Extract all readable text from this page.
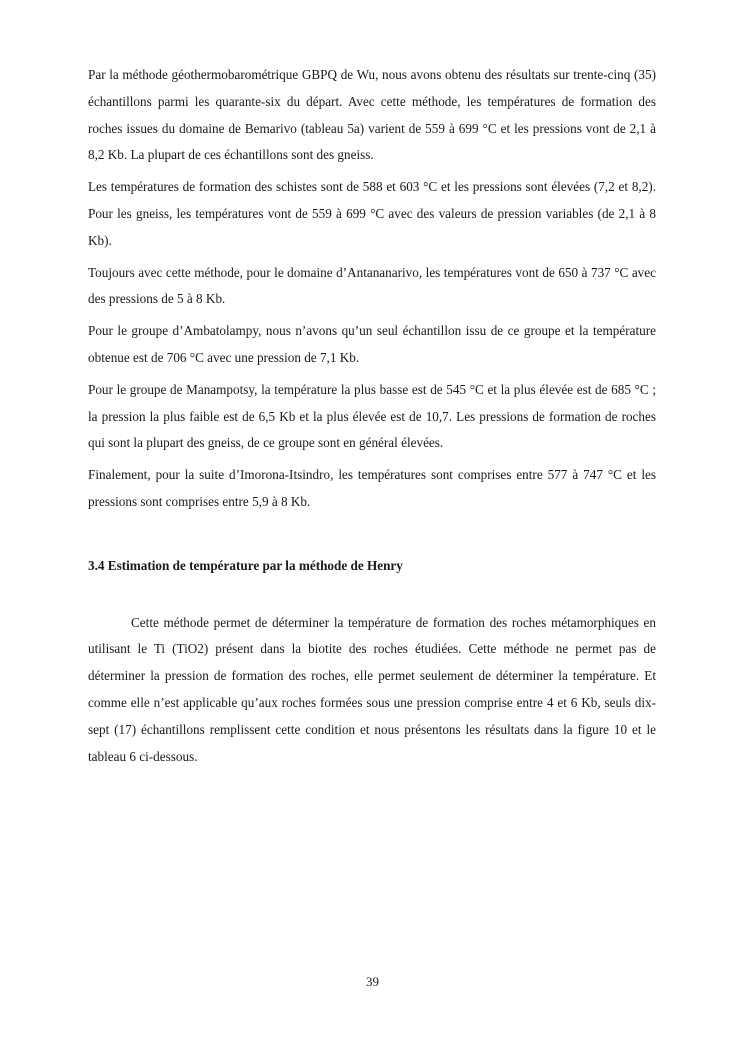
Par la méthode géothermobarométrique GBPQ de Wu, nous avons obtenu des résultats sur trente-cinq (35) échantillons parmi les quarante-six du départ. Avec cette méthode, les températures de formation des roches issues du domaine de Bemarivo (tableau 5a) varient de 559 à 699 °C et les pressions vont de 2,1 à 8,2 Kb. La plupart de ces échantillons sont des gneiss.

Les températures de formation des schistes sont de 588 et 603 °C et les pressions sont élevées (7,2 et 8,2). Pour les gneiss, les températures vont de 559 à 699 °C avec des valeurs de pression variables (de 2,1 à 8 Kb).

Toujours avec cette méthode, pour le domaine d’Antananarivo, les températures vont de 650 à 737 °C avec des pressions de 5 à 8 Kb.

Pour le groupe d’Ambatolampy, nous n’avons qu’un seul échantillon issu de ce groupe et la température obtenue est de 706 °C avec une pression de 7,1 Kb.

Pour le groupe de Manampotsy, la température la plus basse est de 545 °C et la plus élevée est de 685 °C ; la pression la plus faible est de 6,5 Kb et la plus élevée est de 10,7. Les pressions de formation de roches qui sont la plupart des gneiss, de ce groupe sont en général élevées.

Finalement, pour la suite d’Imorona-Itsindro, les températures sont comprises entre 577 à 747 °C et les pressions sont comprises entre 5,9 à 8 Kb.

3.4 Estimation de température par la méthode de Henry

Cette méthode permet de déterminer la température de formation des roches métamorphiques en utilisant le Ti (TiO2) présent dans la biotite des roches étudiées. Cette méthode ne permet pas de déterminer la pression de formation des roches, elle permet seulement de déterminer la température. Et comme elle n’est applicable qu’aux roches formées sous une pression comprise entre 4 et 6 Kb, seuls dix-sept (17) échantillons remplissent cette condition et nous présentons les résultats dans la figure 10 et le tableau 6 ci-dessous.

39
